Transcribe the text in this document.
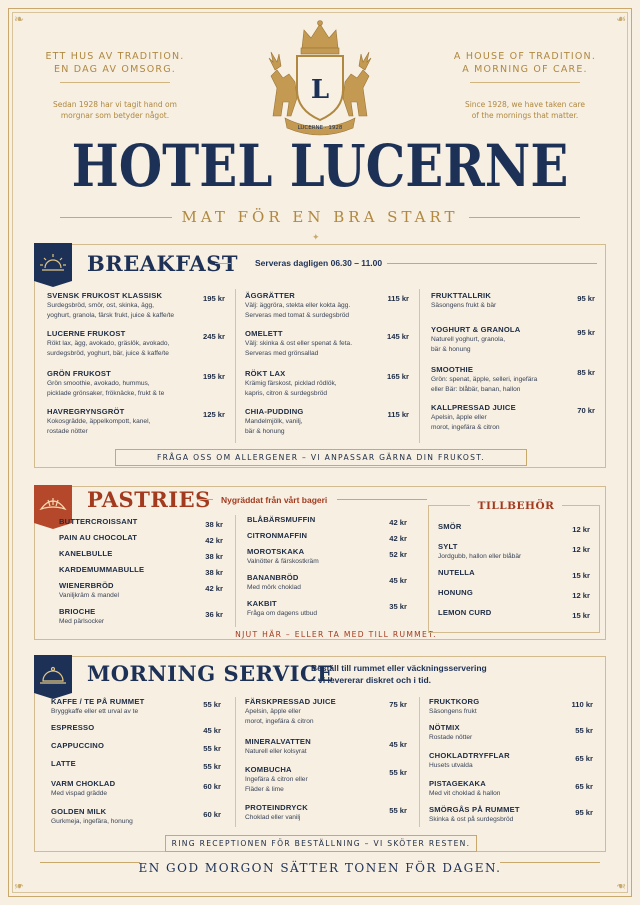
❧	❧
❧	❧
ETT HUS AV TRADITION.
EN DAG AV OMSORG.
Sedan 1928 har vi tagit hand om
morgnar som betyder något.
A HOUSE OF TRADITION.
A MORNING OF CARE.
Since 1928, we have taken care
of the mornings that matter.
L
LUCERNE · 1928
HOTEL LUCERNE
MAT FÖR EN BRA START
✦
BREAKFAST Serveras dagligen 06.30 – 11.00
SVENSK FRUKOST KLASSISK
Surdegsbröd, smör, ost, skinka, ägg,
yoghurt, granola, färsk frukt, juice & kaffe/te
195 kr
LUCERNE FRUKOST
Rökt lax, ägg, avokado, gräslök, avokado,
surdegsbröd, yoghurt, bär, juice & kaffe/te
245 kr
GRÖN FRUKOST
Grön smoothie, avokado, hummus,
picklade grönsaker, fröknäcke, frukt & te
195 kr
HAVREGRYNSGRÖT
Kokosgrädde, äppelkompott, kanel,
rostade nötter
125 kr
ÄGGRÄTTER
Välj: äggröra, stekta eller kokta ägg.
Serveras med tomat & surdegsbröd
115 kr
OMELETT
Välj: skinka & ost eller spenat & feta.
Serveras med grönsallad
145 kr
RÖKT LAX
Krämig färskost, picklad rödlök,
kapris, citron & surdegsbröd
165 kr
CHIA-PUDDING
Mandelmjölk, vanilj,
bär & honung
115 kr
FRUKTTALLRIK
Säsongens frukt & bär
95 kr
YOGHURT & GRANOLA
Naturell yoghurt, granola,
bär & honung
95 kr
SMOOTHIE
Grön: spenat, äpple, selleri, ingefära
eller Bär: blåbär, banan, hallon
85 kr
KALLPRESSAD JUICE
Apelsin, äpple eller
morot, ingefära & citron
70 kr
FRÅGA OSS OM ALLERGENER – VI ANPASSAR GÄRNA DIN FRUKOST.
PASTRIES Nygräddat från vårt bageri
BUTTERCROISSANT	38 kr
PAIN AU CHOCOLAT	42 kr
KANELBULLE	38 kr
KARDEMUMMABULLE	38 kr
WIENERBRÖD
Vaniljkräm & mandel
42 kr
BRIOCHE
Med pärlsocker
36 kr
BLÅBÄRSMUFFIN	42 kr
CITRONMAFFIN	42 kr
MOROTSKAKA
Valnötter & färskostkräm
52 kr
BANANBRÖD
Med mörk choklad
45 kr
KAKBIT
Fråga om dagens utbud
35 kr
NJUT HÄR – ELLER TA MED TILL RUMMET.
TILLBEHÖR
SMÖR	12 kr
SYLT
Jordgubb, hallon eller blåbär
12 kr
NUTELLA	15 kr
HONUNG	12 kr
LEMON CURD	15 kr
MORNING SERVICE
Beställ till rummet eller väckningsservering
– vi levererar diskret och i tid.
KAFFE / TE PÅ RUMMET
Bryggkaffe eller ett urval av te
55 kr
ESPRESSO	45 kr
CAPPUCCINO	55 kr
LATTE	55 kr
VARM CHOKLAD
Med vispad grädde
60 kr
GOLDEN MILK
Gurkmeja, ingefära, honung
60 kr
FÄRSKPRESSAD JUICE
Apelsin, äpple eller
morot, ingefära & citron
75 kr
MINERALVATTEN
Naturell eller kolsyrat
45 kr
KOMBUCHA
Ingefära & citron eller
Fläder & lime
55 kr
PROTEINDRYCK
Choklad eller vanilj
55 kr
FRUKTKORG
Säsongens frukt
110 kr
NÖTMIX
Rostade nötter
55 kr
CHOKLADTRYFFLAR
Husets utvalda
65 kr
PISTAGEKAKA
Med vit choklad & hallon
65 kr
SMÖRGÅS PÅ RUMMET
Skinka & ost på surdegsbröd
95 kr
RING RECEPTIONEN FÖR BESTÄLLNING – VI SKÖTER RESTEN.
EN GOD MORGON SÄTTER TONEN FÖR DAGEN.
